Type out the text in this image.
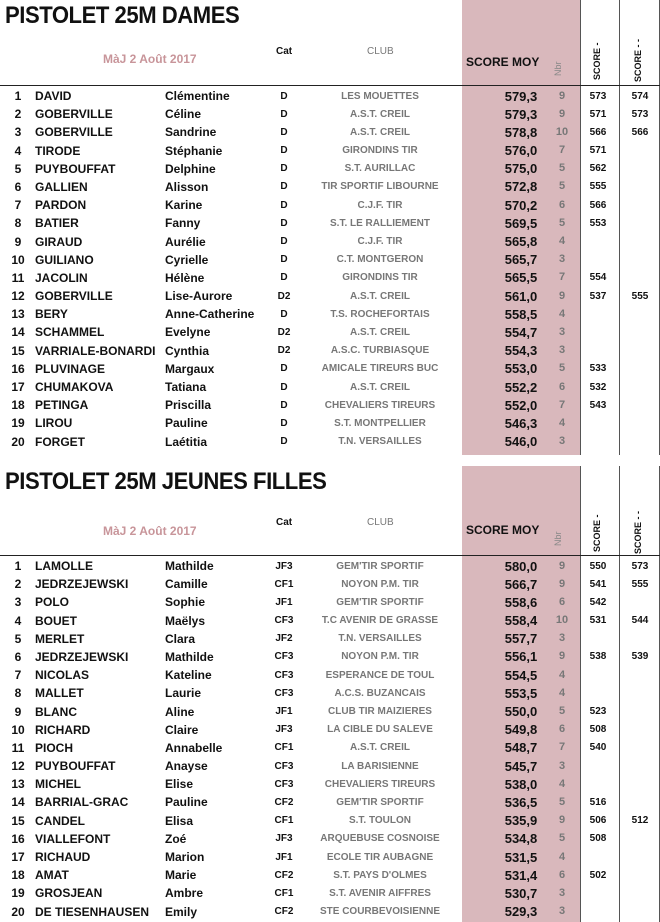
PISTOLET 25M DAMES
MàJ 2 Août 2017
Cat	CLUB
SCORE MOY Nbr	SCORE -	SCORE - -
1	DAVID	Clémentine	D	LES MOUETTES	579,3	9	573	574
2	GOBERVILLE	Céline	D	A.S.T. CREIL	579,3	9	571	573
3	GOBERVILLE	Sandrine	D	A.S.T. CREIL	578,8	10	566	566
4	TIRODE	Stéphanie	D	GIRONDINS TIR	576,0	7	571
5	PUYBOUFFAT	Delphine	D	S.T. AURILLAC	575,0	5	562
6	GALLIEN	Alisson	D	TIR SPORTIF LIBOURNE	572,8	5	555
7	PARDON	Karine	D	C.J.F. TIR	570,2	6	566
8	BATIER	Fanny	D	S.T. LE RALLIEMENT	569,5	5	553
9	GIRAUD	Aurélie	D	C.J.F. TIR	565,8	4
10 GUILIANO	Cyrielle	D	C.T. MONTGERON	565,7	3
11 JACOLIN	Hélène	D	GIRONDINS TIR	565,5	7	554
12 GOBERVILLE	Lise-Aurore	D2	A.S.T. CREIL	561,0	9	537	555
13 BERY	Anne-Catherine	D	T.S. ROCHEFORTAIS	558,5	4
14 SCHAMMEL	Evelyne	D2	A.S.T. CREIL	554,7	3
15 VARRIALE-BONARDI Cynthia	D2	A.S.C. TURBIASQUE	554,3	3
16 PLUVINAGE	Margaux	D	AMICALE TIREURS BUC	553,0	5	533
17 CHUMAKOVA	Tatiana	D	A.S.T. CREIL	552,2	6	532
18 PETINGA	Priscilla	D	CHEVALIERS TIREURS	552,0	7	543
19 LIROU	Pauline	D	S.T. MONTPELLIER	546,3	4
20 FORGET	Laétitia	D	T.N. VERSAILLES	546,0	3
PISTOLET 25M JEUNES FILLES
MàJ 2 Août 2017
Cat	CLUB
SCORE MOY
Nbr	SCORE -	SCORE - -
1	LAMOLLE	Mathilde	JF3	GEM'TIR SPORTIF	580,0	9	550	573
2	JEDRZEJEWSKI	Camille	CF1	NOYON P.M. TIR	566,7	9	541	555
3	POLO	Sophie	JF1	GEM'TIR SPORTIF	558,6	6	542
4	BOUET	Maëlys	CF3	T.C AVENIR DE GRASSE	558,4	10	531	544
5	MERLET	Clara	JF2	T.N. VERSAILLES	557,7	3
6	JEDRZEJEWSKI	Mathilde	CF3	NOYON P.M. TIR	556,1	9	538	539
7	NICOLAS	Kateline	CF3	ESPERANCE DE TOUL	554,5	4
8	MALLET	Laurie	CF3	A.C.S. BUZANCAIS	553,5	4
9	BLANC	Aline	JF1	CLUB TIR MAIZIERES	550,0	5	523
10 RICHARD	Claire	JF3	LA CIBLE DU SALEVE	549,8	6	508
11 PIOCH	Annabelle	CF1	A.S.T. CREIL	548,7	7	540
12 PUYBOUFFAT	Anayse	CF3	LA BARISIENNE	545,7	3
13 MICHEL	Elise	CF3	CHEVALIERS TIREURS	538,0	4
14 BARRIAL-GRAC	Pauline	CF2	GEM'TIR SPORTIF	536,5	5	516
15 CANDEL	Elisa	CF1	S.T. TOULON	535,9	9	506	512
16 VIALLEFONT	Zoé	JF3	ARQUEBUSE COSNOISE	534,8	5	508
17 RICHAUD	Marion	JF1	ECOLE TIR AUBAGNE	531,5	4
18 AMAT	Marie	CF2	S.T. PAYS D'OLMES	531,4	6	502
19 GROSJEAN	Ambre	CF1	S.T. AVENIR AIFFRES	530,7	3
20 DE TIESENHAUSEN Emily	CF2	STE COURBEVOISIENNE	529,3	3
